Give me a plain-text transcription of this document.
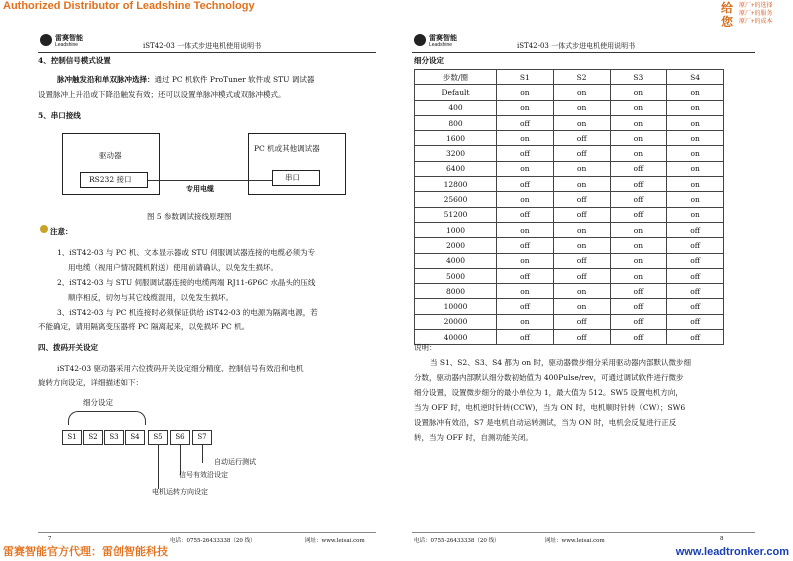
Authorized Distributor of Leadshine Technology	给
您
原厂+的选择
原厂+的服务
原厂+的成本
雷赛智能
Leadshine	iST42-03 一体式步进电机使用说明书
雷赛智能
Leadshine	iST42-03 一体式步进电机使用说明书
4、控制信号模式设置
脉冲触发沿和单双脉冲选择：通过 PC 机软件 ProTuner 软件或 STU 调试器
设置脉冲上升沿或下降沿触发有效；还可以设置单脉冲模式或双脉冲模式。
5、串口接线
驱动器
RS232 接口
PC 机或其他调试器
串口
专用电缆
图 5 参数调试接线原理图
注意：
1、iST42-03 与 PC 机、文本显示器或 STU 伺服调试器连接的电缆必须为专
用电缆（视用户情况随机附送）使用前请确认，以免发生损坏。
2、iST42-03 与 STU 伺服调试器连接的电缆两端 RJ11-6P6C 水晶头的压线
顺序相反，切勿与其它线缆混用，以免发生损坏。
3、iST42-03 与 PC 机连接时必须保证供给 iST42-03 的电源为隔离电源，若
不能确定，请用隔离变压器将 PC 隔离起来，以免损坏 PC 机。
四、拨码开关设定
iST42-03 驱动器采用六位拨码开关设定细分精度、控制信号有效沿和电机
旋转方向设定，详细描述如下：
细分设定
S1	S2	S3	S4	S5	S6	S7
自动运行测试
信号有效沿设定
电机运转方向设定
7	电话：0755-26433338（20 线）	网址：www.leisai.com
细分设定
步数/圈	S1	S2	S3	S4
Default	on	on	on	on
400	on	on	on	on
800	off	on	on	on
1600	on	off	on	on
3200	off	off	on	on
6400	on	on	off	on
12800	off	on	off	on
25600	on	off	off	on
51200	off	off	off	on
1000	on	on	on	off
2000	off	on	on	off
4000	on	off	on	off
5000	off	off	on	off
8000	on	on	off	off
10000	off	on	off	off
20000	on	off	off	off
40000	off	off	off	off
说明：
当 S1、S2、S3、S4 都为 on 时，驱动器微步细分采用驱动器内部默认微步细
分数，驱动器内部默认细分数初始值为 400Pulse/rev，可通过调试软件进行微步
细分设置，设置微步细分的最小单位为 1，最大值为 512。SW5 设置电机方向，
当为 OFF 时，电机逆时针转(CCW)，当为 ON 时，电机顺时针转（CW）；SW6
设置脉冲有效沿，S7 是电机自动运转测试，当为 ON 时，电机会反复进行正反
转，当为 OFF 时，自测功能关闭。
电话：0755-26433338（20 线）	网址：www.leisai.com	8
雷赛智能官方代理：雷创智能科技	www.leadtronker.com
